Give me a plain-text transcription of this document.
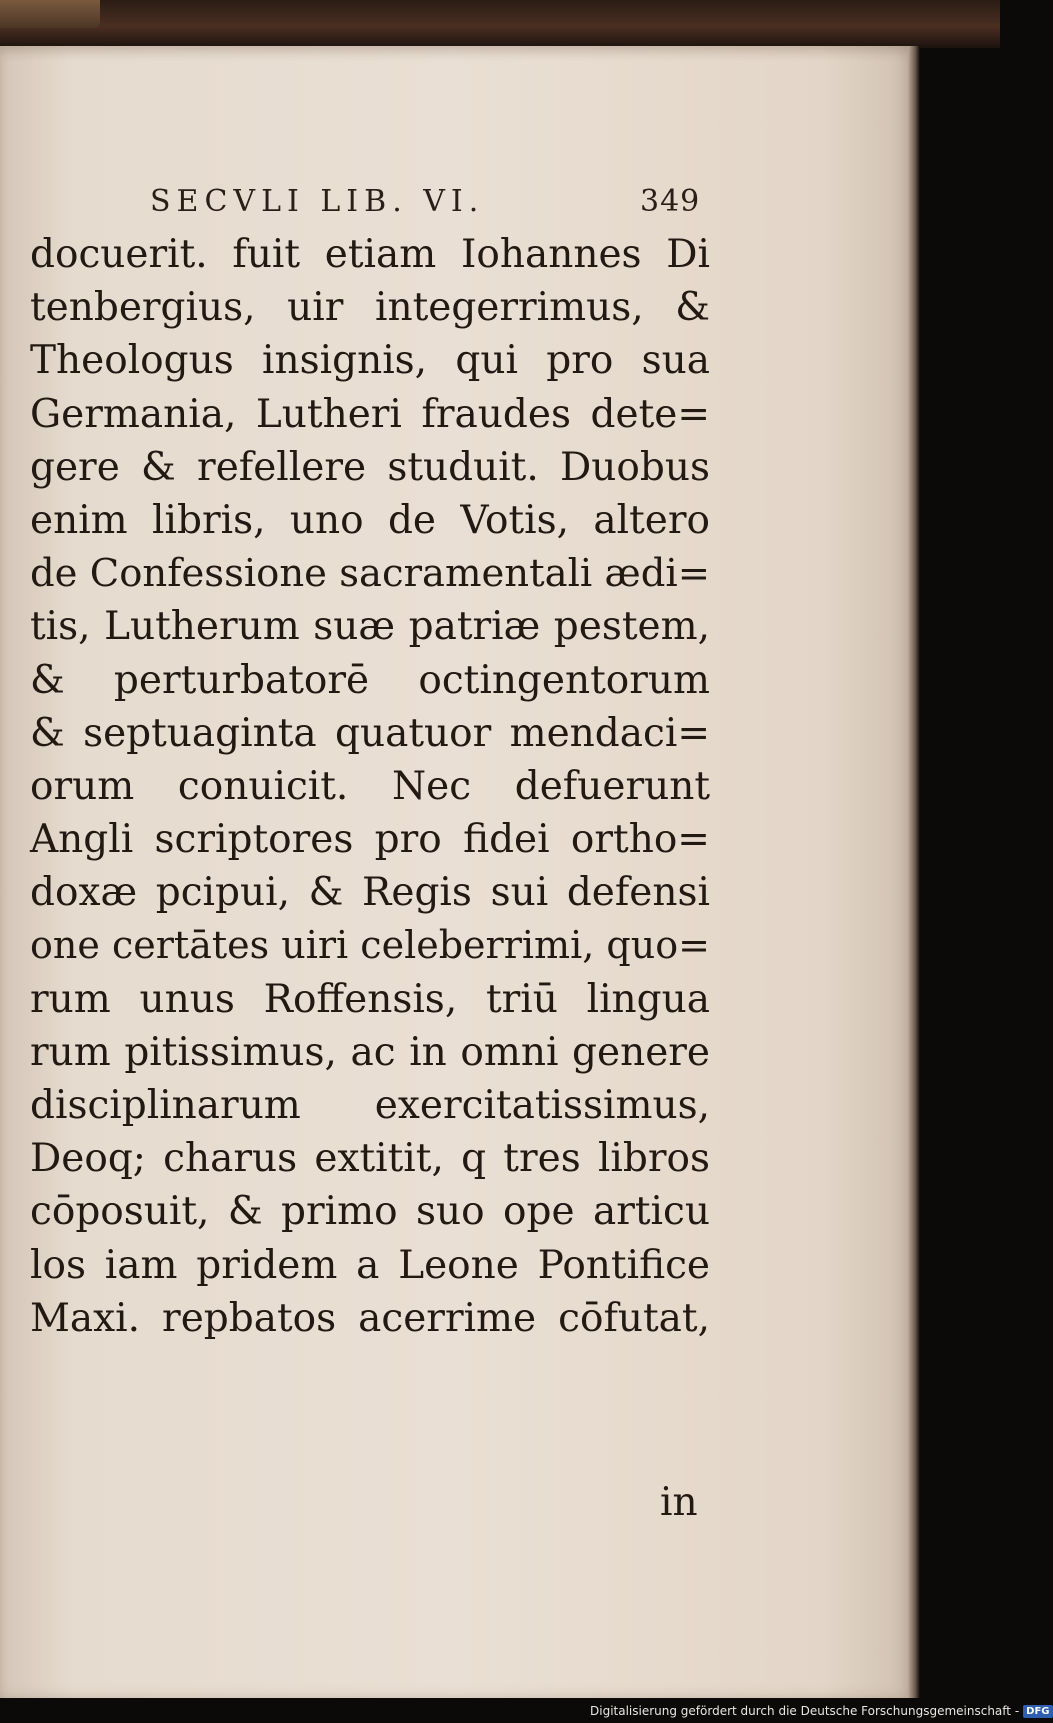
SECVLI LIB. VI.	349
docuerit. fuit etiam Iohannes Di
tenbergius, uir integerrimus, &
Theologus insignis, qui pro sua
Germania, Lutheri fraudes dete=
gere & refellere studuit. Duobus
enim libris, uno de Votis, altero
de Confessione sacramentali ædi=
tis, Lutherum suæ patriæ pestem,
& perturbatorē octingentorum
& septuaginta quatuor mendaci=
orum conuicit. Nec defuerunt
Angli scriptores pro fidei ortho=
doxæ pcipui, & Regis sui defensi
one certātes uiri celeberrimi, quo=
rum unus Roffensis, triū lingua
rum pitissimus, ac in omni genere
disciplinarum exercitatissimus,
Deoq; charus extitit, q tres libros
cōposuit, & primo suo ope articu
los iam pridem a Leone Pontifice
Maxi. repbatos acerrime cōfutat,
in
Digitalisierung gefördert durch die Deutsche Forschungsgemeinschaft - DFG
